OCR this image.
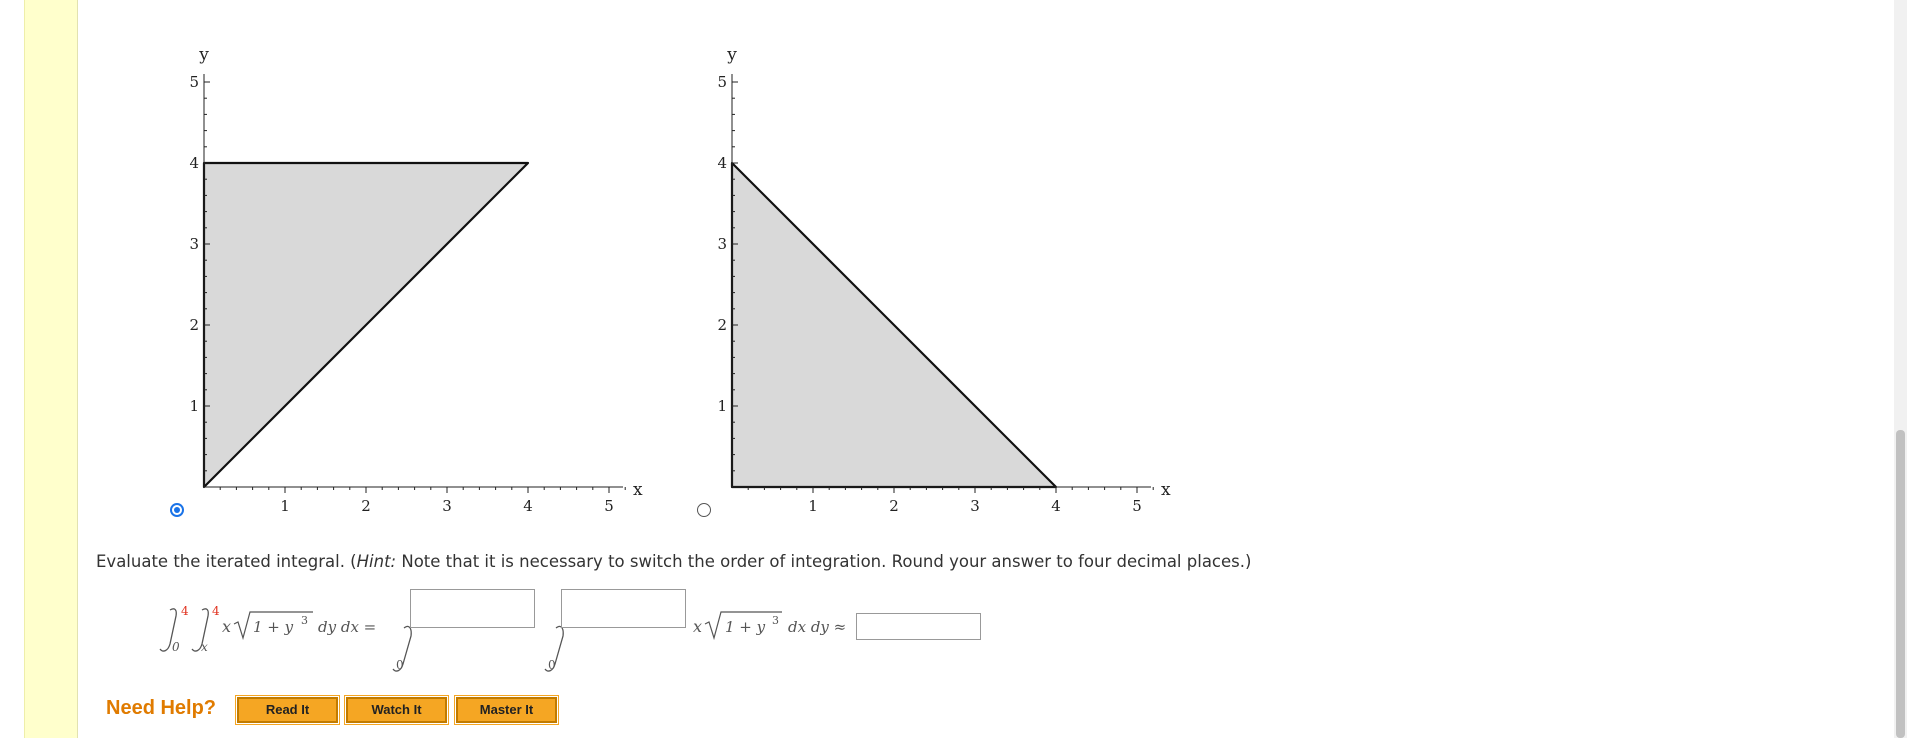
1	2	3	4	5
1
2
3
4
5
x
y
1	2	3	4	5
1
2
3
4
5
x
y
Evaluate the iterated integral. (Hint: Note that it is necessary to switch the order of integration. Round your answer to four decimal places.)
4
0
4
x
x 1 + y 3 dy dx =
0	0
x 1 + y 3 dx dy ≈
Need Help?	Read It	Watch It	Master It
